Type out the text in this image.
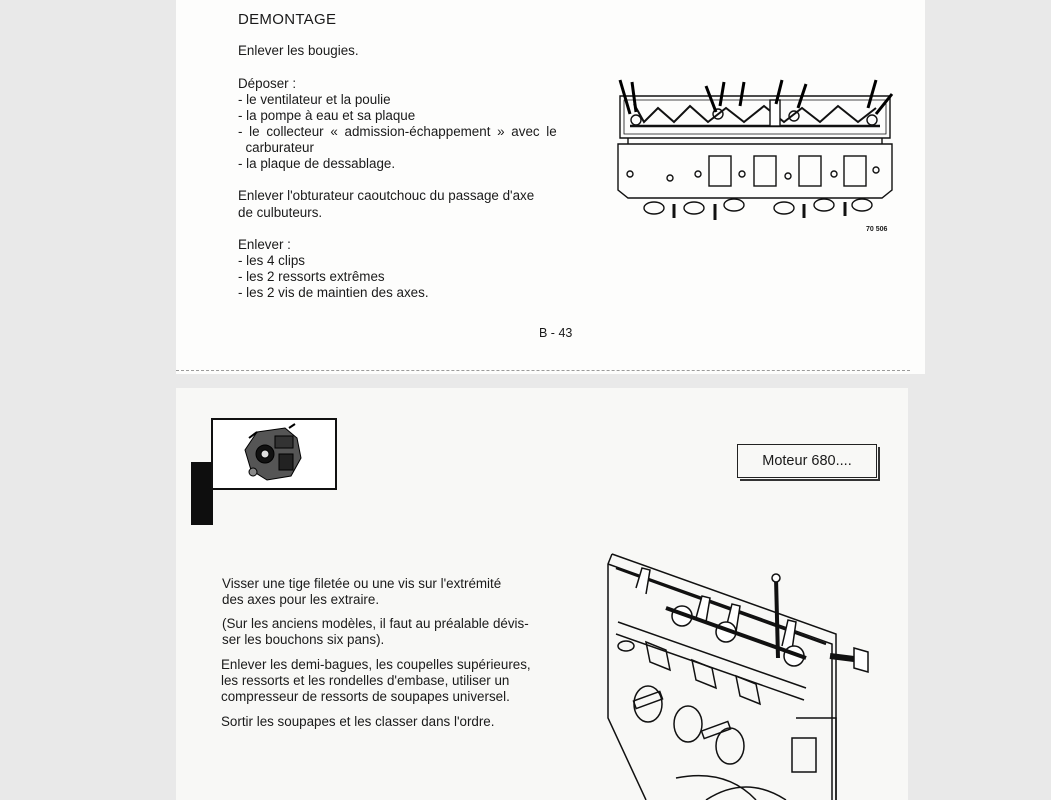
DEMONTAGE
Enlever les bougies.
Déposer :
- le ventilateur et la poulie
- la pompe à eau et sa plaque
- le collecteur « admission-échappement » avec le
carburateur
- la plaque de dessablage.
Enlever l'obturateur caoutchouc du passage d'axe
de culbuteurs.
Enlever :
- les 4 clips
- les 2 ressorts extrêmes
- les 2 vis de maintien des axes.
70 506
B - 43
Moteur 680....
Visser une tige filetée ou une vis sur l'extrémité
des axes pour les extraire.
(Sur les anciens modèles, il faut au préalable dévis-
ser les bouchons six pans).
Enlever les demi-bagues, les coupelles supérieures,
les ressorts et les rondelles d'embase, utiliser un
compresseur de ressorts de soupapes universel.
Sortir les soupapes et les classer dans l'ordre.
